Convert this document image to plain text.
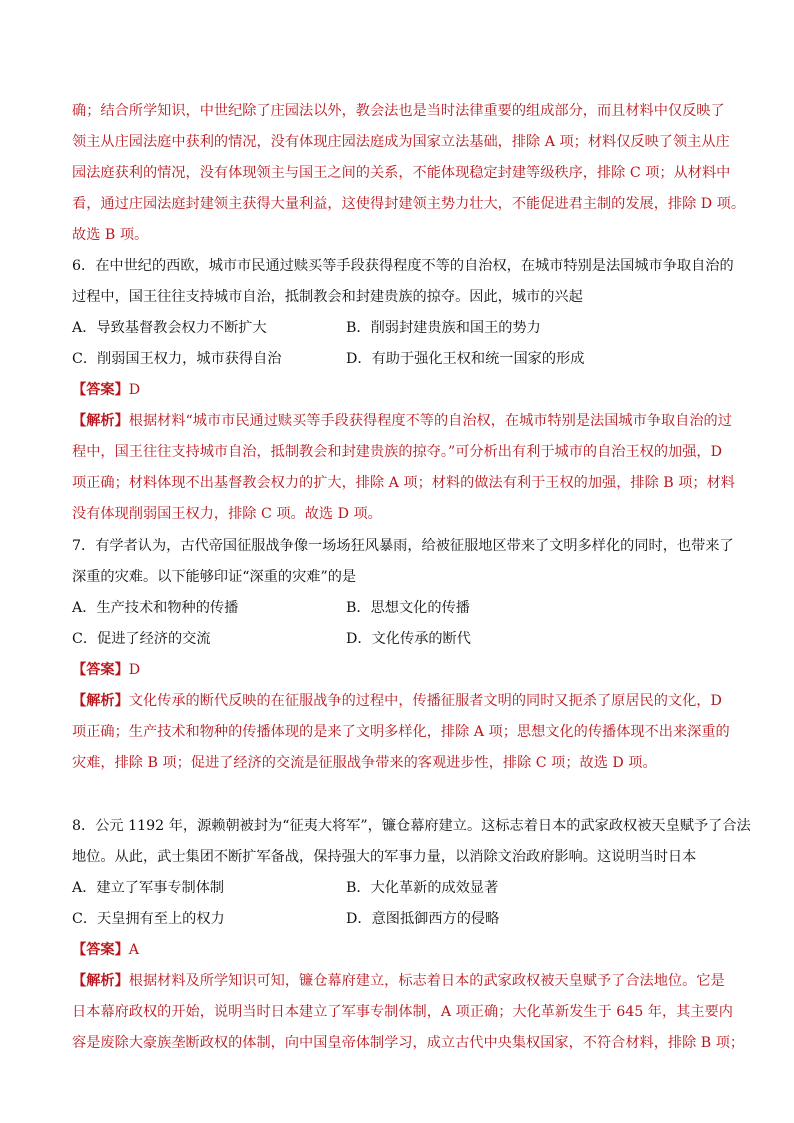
确；结合所学知识，中世纪除了庄园法以外，教会法也是当时法律重要的组成部分，而且材料中仅反映了
领主从庄园法庭中获利的情况，没有体现庄园法庭成为国家立法基础，排除 A 项；材料仅反映了领主从庄
园法庭获利的情况，没有体现领主与国王之间的关系，不能体现稳定封建等级秩序，排除 C 项；从材料中
看，通过庄园法庭封建领主获得大量利益，这使得封建领主势力壮大，不能促进君主制的发展，排除 D 项。
故选 B 项。
6．在中世纪的西欧，城市市民通过赎买等手段获得程度不等的自治权，在城市特别是法国城市争取自治的
过程中，国王往往支持城市自治，抵制教会和封建贵族的掠夺。因此，城市的兴起
A．导致基督教会权力不断扩大	B．削弱封建贵族和国王的势力
C．削弱国王权力，城市获得自治	D．有助于强化王权和统一国家的形成
【答案】D
【解析】根据材料“城市市民通过赎买等手段获得程度不等的自治权，在城市特别是法国城市争取自治的过
程中，国王往往支持城市自治，抵制教会和封建贵族的掠夺。”可分析出有利于城市的自治王权的加强，D
项正确；材料体现不出基督教会权力的扩大，排除 A 项；材料的做法有利于王权的加强，排除 B 项；材料
没有体现削弱国王权力，排除 C 项。故选 D 项。
7．有学者认为，古代帝国征服战争像一场场狂风暴雨，给被征服地区带来了文明多样化的同时，也带来了
深重的灾难。以下能够印证“深重的灾难”的是
A．生产技术和物种的传播	B．思想文化的传播
C．促进了经济的交流	D．文化传承的断代
【答案】D
【解析】文化传承的断代反映的在征服战争的过程中，传播征服者文明的同时又扼杀了原居民的文化，D
项正确；生产技术和物种的传播体现的是来了文明多样化，排除 A 项；思想文化的传播体现不出来深重的
灾难，排除 B 项；促进了经济的交流是征服战争带来的客观进步性，排除 C 项；故选 D 项。
8．公元 1192 年，源赖朝被封为“征夷大将军”，镰仓幕府建立。这标志着日本的武家政权被天皇赋予了合法
地位。从此，武士集团不断扩军备战，保持强大的军事力量，以消除文治政府影响。这说明当时日本
A．建立了军事专制体制	B．大化革新的成效显著
C．天皇拥有至上的权力	D．意图抵御西方的侵略
【答案】A
【解析】根据材料及所学知识可知，镰仓幕府建立，标志着日本的武家政权被天皇赋予了合法地位。它是
日本幕府政权的开始，说明当时日本建立了军事专制体制，A 项正确；大化革新发生于 645 年，其主要内
容是废除大豪族垄断政权的体制，向中国皇帝体制学习，成立古代中央集权国家，不符合材料，排除 B 项；
